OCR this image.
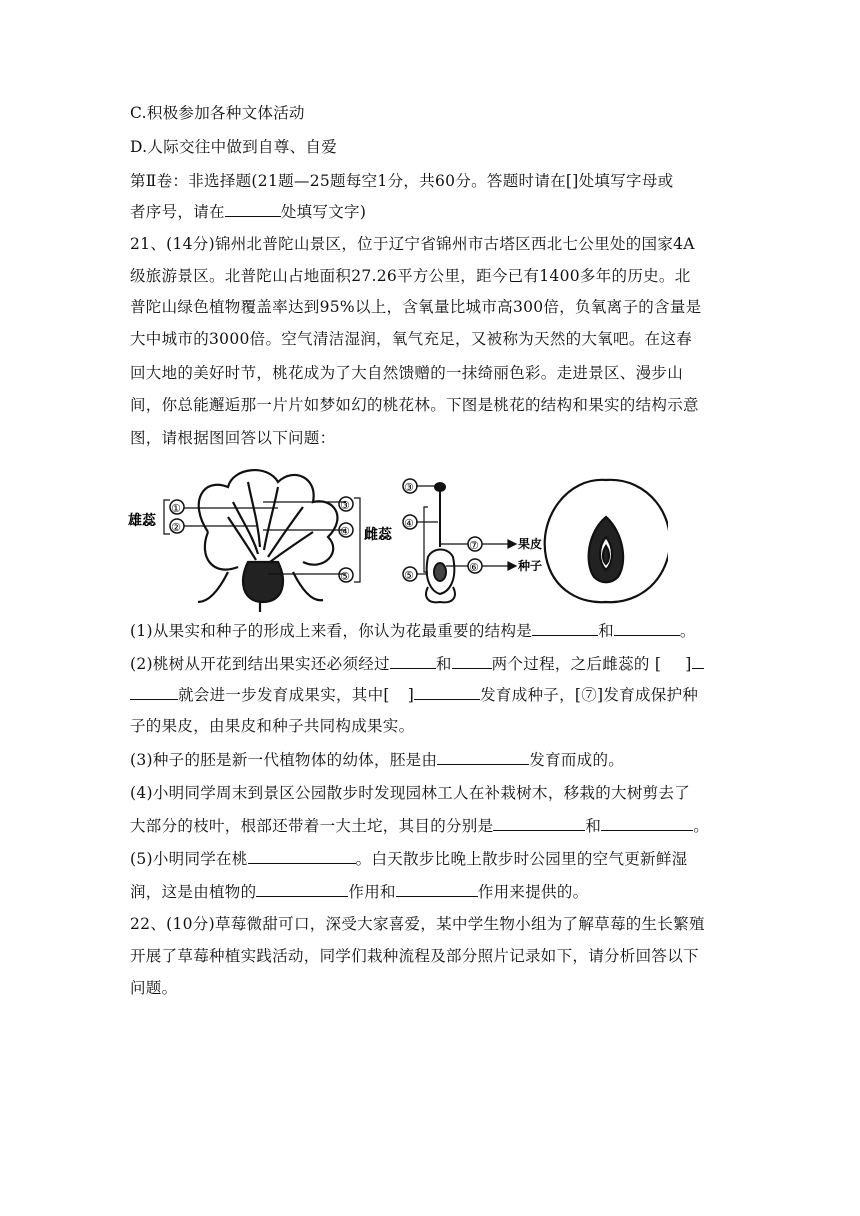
C.积极参加各种文体活动
D.人际交往中做到自尊、自爱
第Ⅱ卷：非选择题(21题—25题每空1分，共60分。答题时请在[]处填写字母或
者序号，请在	处填写文字)
21、(14分)锦州北普陀山景区，位于辽宁省锦州市古塔区西北七公里处的国家4A
级旅游景区。北普陀山占地面积27.26平方公里，距今已有1400多年的历史。北
普陀山绿色植物覆盖率达到95%以上，含氧量比城市高300倍，负氧离子的含量是
大中城市的3000倍。空气清洁湿润，氧气充足，又被称为天然的大氧吧。在这春
回大地的美好时节，桃花成为了大自然馈赠的一抹绮丽色彩。走进景区、漫步山
间，你总能邂逅那一片片如梦如幻的桃花林。下图是桃花的结构和果实的结构示意
图，请根据图回答以下问题：
雄蕊
雌蕊
①
②
③
④
⑤
③
④
⑤
⑦
⑥
果皮
种子
(1)从果实和种子的形成上来看，你认为花最重要的结构是	和	。
(2)桃树从开花到结出果实还必须经过	和	两个过程，之后雌蕊的 [ ]
就会进一步发育成果实，其中[ ]	发育成种子，[⑦]发育成保护种
子的果皮，由果皮和种子共同构成果实。
(3)种子的胚是新一代植物体的幼体，胚是由	发育而成的。
(4)小明同学周末到景区公园散步时发现园林工人在补栽树木，移栽的大树剪去了
大部分的枝叶，根部还带着一大土坨，其目的分别是	和	。
(5)小明同学在桃	。白天散步比晚上散步时公园里的空气更新鲜湿
润，这是由植物的	作用和	作用来提供的。
22、(10分)草莓微甜可口，深受大家喜爱，某中学生物小组为了解草莓的生长繁殖
开展了草莓种植实践活动，同学们栽种流程及部分照片记录如下，请分析回答以下
问题。
